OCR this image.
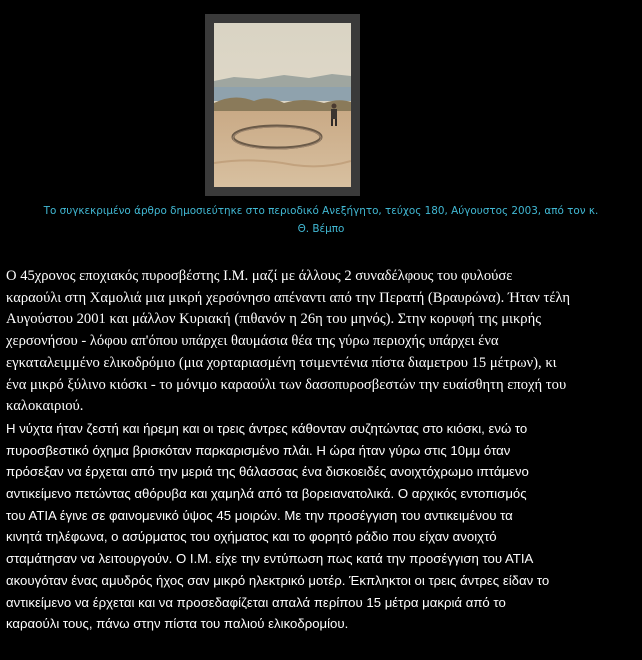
Το συγκεκριμένο άρθρο δημοσιεύτηκε στο περιοδικό Ανεξήγητο, τεύχος 180, Αύγουστος 2003, από τον κ.
Θ. Βέμπο

Ο 45χρονος εποχιακός πυροσβέστης Ι.Μ. μαζί με άλλους 2 συναδέλφους του φυλούσε
καραούλι στη Χαμολιά μια μικρή χερσόνησο απέναντι από την Περατή (Βραυρώνα). Ήταν τέλη
Αυγούστου 2001 και μάλλον Κυριακή (πιθανόν η 26η του μηνός). Στην κορυφή της μικρής
χερσονήσου - λόφου απ'όπου υπάρχει θαυμάσια θέα της γύρω περιοχής υπάρχει ένα
εγκαταλειμμένο ελικοδρόμιο (μια χορταριασμένη τσιμεντένια πίστα διαμετρου 15 μέτρων), κι
ένα μικρό ξύλινο κιόσκι - το μόνιμο καραούλι των δασοπυροσβεστών την ευαίσθητη εποχή του
καλοκαιριού.

Η νύχτα ήταν ζεστή και ήρεμη και οι τρεις άντρες κάθονταν συζητώντας στο κιόσκι, ενώ το
πυροσβεστικό όχημα βρισκόταν παρκαρισμένο πλάι. Η ώρα ήταν γύρω στις 10μμ όταν
πρόσεξαν να έρχεται από την μεριά της θάλασσας ένα δισκοειδές ανοιχτόχρωμο ιπτάμενο
αντικείμενο πετώντας αθόρυβα και χαμηλά από τα βορειανατολικά. Ο αρχικός εντοπισμός
του ΑΤΙΑ έγινε σε φαινομενικό ύψος 45 μοιρών. Με την προσέγγιση του αντικειμένου τα
κινητά τηλέφωνα, ο ασύρματος του οχήματος και το φορητό ράδιο που είχαν ανοιχτό
σταμάτησαν να λειτουργούν. Ο Ι.Μ. είχε την εντύπωση πως κατά την προσέγγιση του ΑΤΙΑ
ακουγόταν ένας αμυδρός ήχος σαν μικρό ηλεκτρικό μοτέρ. Έκπληκτοι οι τρεις άντρες είδαν το
αντικείμενο να έρχεται και να προσεδαφίζεται απαλά περίπου 15 μέτρα μακριά από το
καραούλι τους, πάνω στην πίστα του παλιού ελικοδρομίου.
